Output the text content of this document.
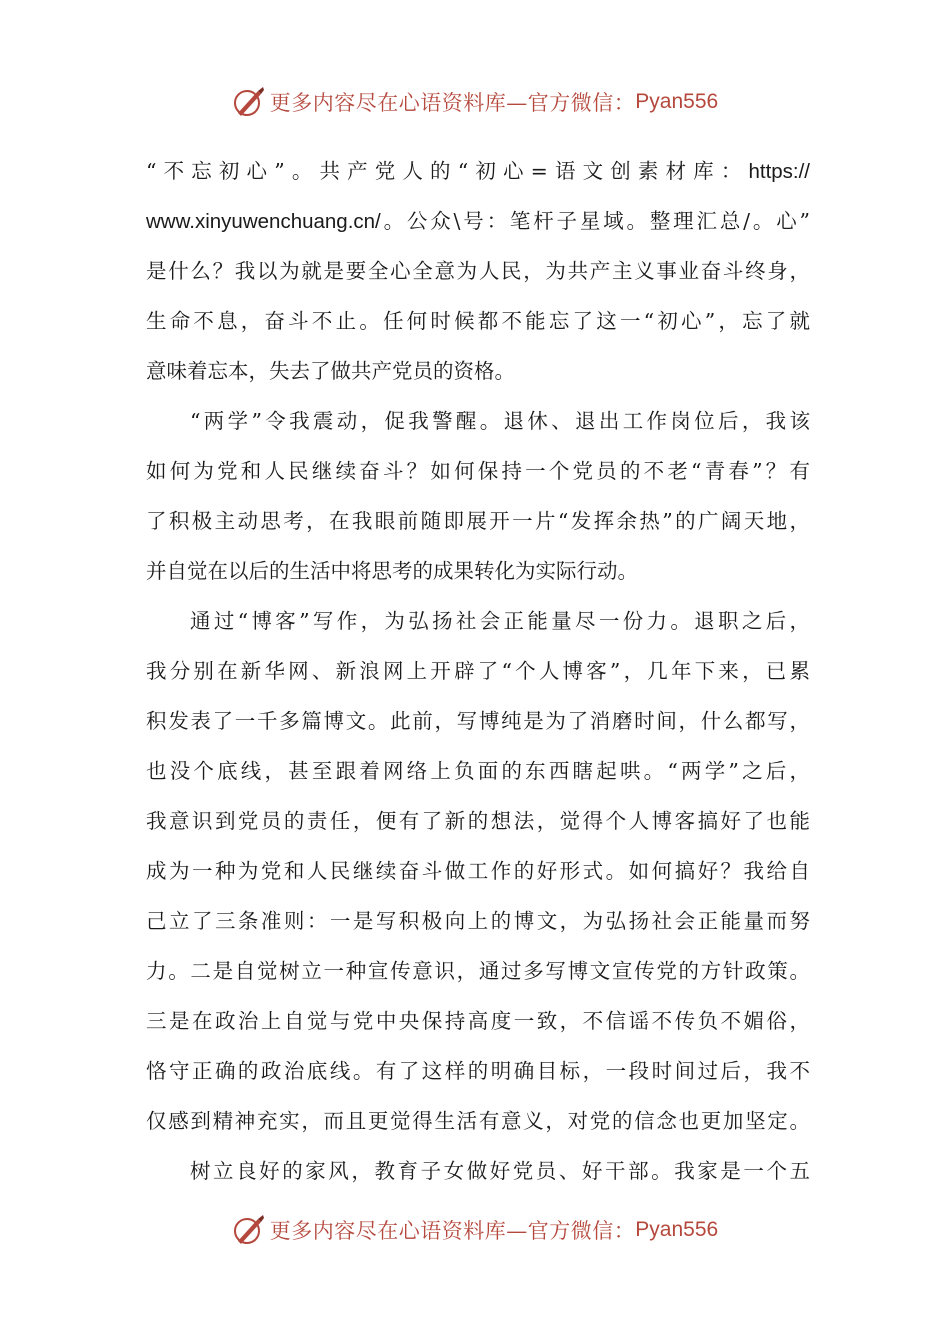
更多内容尽在心语资料库—官方微信： Pyan556
“不忘初心”。共产党人的“初心=语文创素材库：https://
www.xinyuwenchuang.cn/。公众\号：笔杆子星域。整理汇总/。心”
是什么？我以为就是要全心全意为人民，为共产主义事业奋斗终身，
生命不息，奋斗不止。任何时候都不能忘了这一“初心”，忘了就
意味着忘本，失去了做共产党员的资格。
“两学”令我震动，促我警醒。退休、退出工作岗位后，我该
如何为党和人民继续奋斗？如何保持一个党员的不老“青春”？有
了积极主动思考，在我眼前随即展开一片“发挥余热”的广阔天地，
并自觉在以后的生活中将思考的成果转化为实际行动。
通过“博客”写作，为弘扬社会正能量尽一份力。退职之后，
我分别在新华网、新浪网上开辟了“个人博客”，几年下来，已累
积发表了一千多篇博文。此前，写博纯是为了消磨时间，什么都写，
也没个底线，甚至跟着网络上负面的东西瞎起哄。“两学”之后，
我意识到党员的责任，便有了新的想法，觉得个人博客搞好了也能
成为一种为党和人民继续奋斗做工作的好形式。如何搞好？我给自
己立了三条准则：一是写积极向上的博文，为弘扬社会正能量而努
力。二是自觉树立一种宣传意识，通过多写博文宣传党的方针政策。
三是在政治上自觉与党中央保持高度一致，不信谣不传负不媚俗，
恪守正确的政治底线。有了这样的明确目标，一段时间过后，我不
仅感到精神充实，而且更觉得生活有意义，对党的信念也更加坚定。
树立良好的家风，教育子女做好党员、好干部。我家是一个五
更多内容尽在心语资料库—官方微信： Pyan556
